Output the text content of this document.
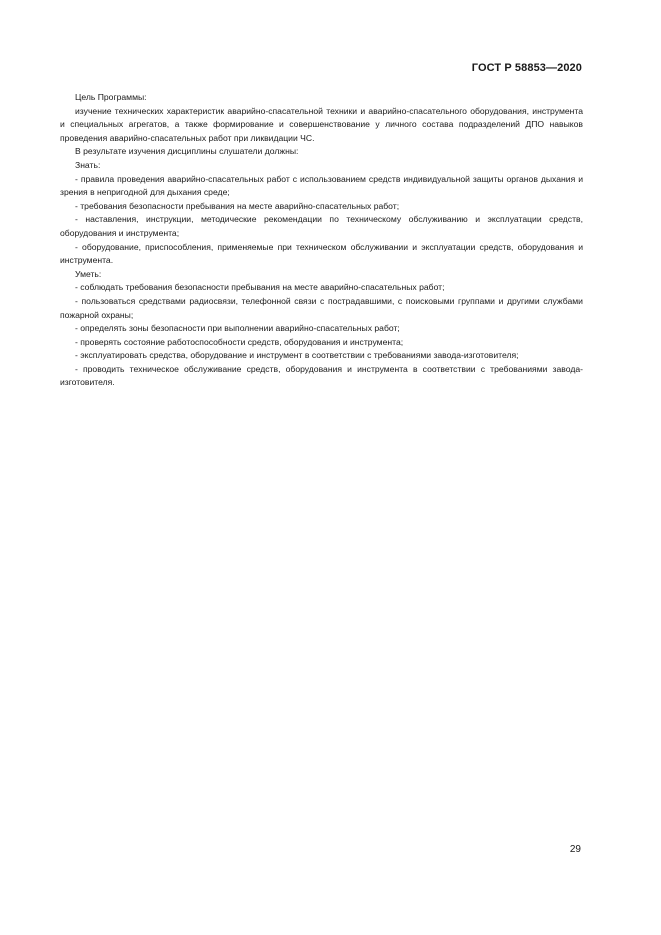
ГОСТ Р 58853—2020

Цель Программы:

изучение технических характеристик аварийно-спасательной техники и аварийно-спасательного оборудования, инструмента и специальных агрегатов, а также формирование и совершенствование у личного состава подразделений ДПО навыков проведения аварийно-спасательных работ при ликвидации ЧС.

В результате изучения дисциплины слушатели должны:

Знать:

- правила проведения аварийно-спасательных работ с использованием средств индивидуальной защиты органов дыхания и зрения в непригодной для дыхания среде;

- требования безопасности пребывания на месте аварийно-спасательных работ;

- наставления, инструкции, методические рекомендации по техническому обслуживанию и эксплуатации средств, оборудования и инструмента;

- оборудование, приспособления, применяемые при техническом обслуживании и эксплуатации средств, оборудования и инструмента.

Уметь:

- соблюдать требования безопасности пребывания на месте аварийно-спасательных работ;

- пользоваться средствами радиосвязи, телефонной связи с пострадавшими, с поисковыми группами и другими службами пожарной охраны;

- определять зоны безопасности при выполнении аварийно-спасательных работ;

- проверять состояние работоспособности средств, оборудования и инструмента;

- эксплуатировать средства, оборудование и инструмент в соответствии с требованиями завода-изготовителя;

- проводить техническое обслуживание средств, оборудования и инструмента в соответствии с требованиями завода-изготовителя.

29
